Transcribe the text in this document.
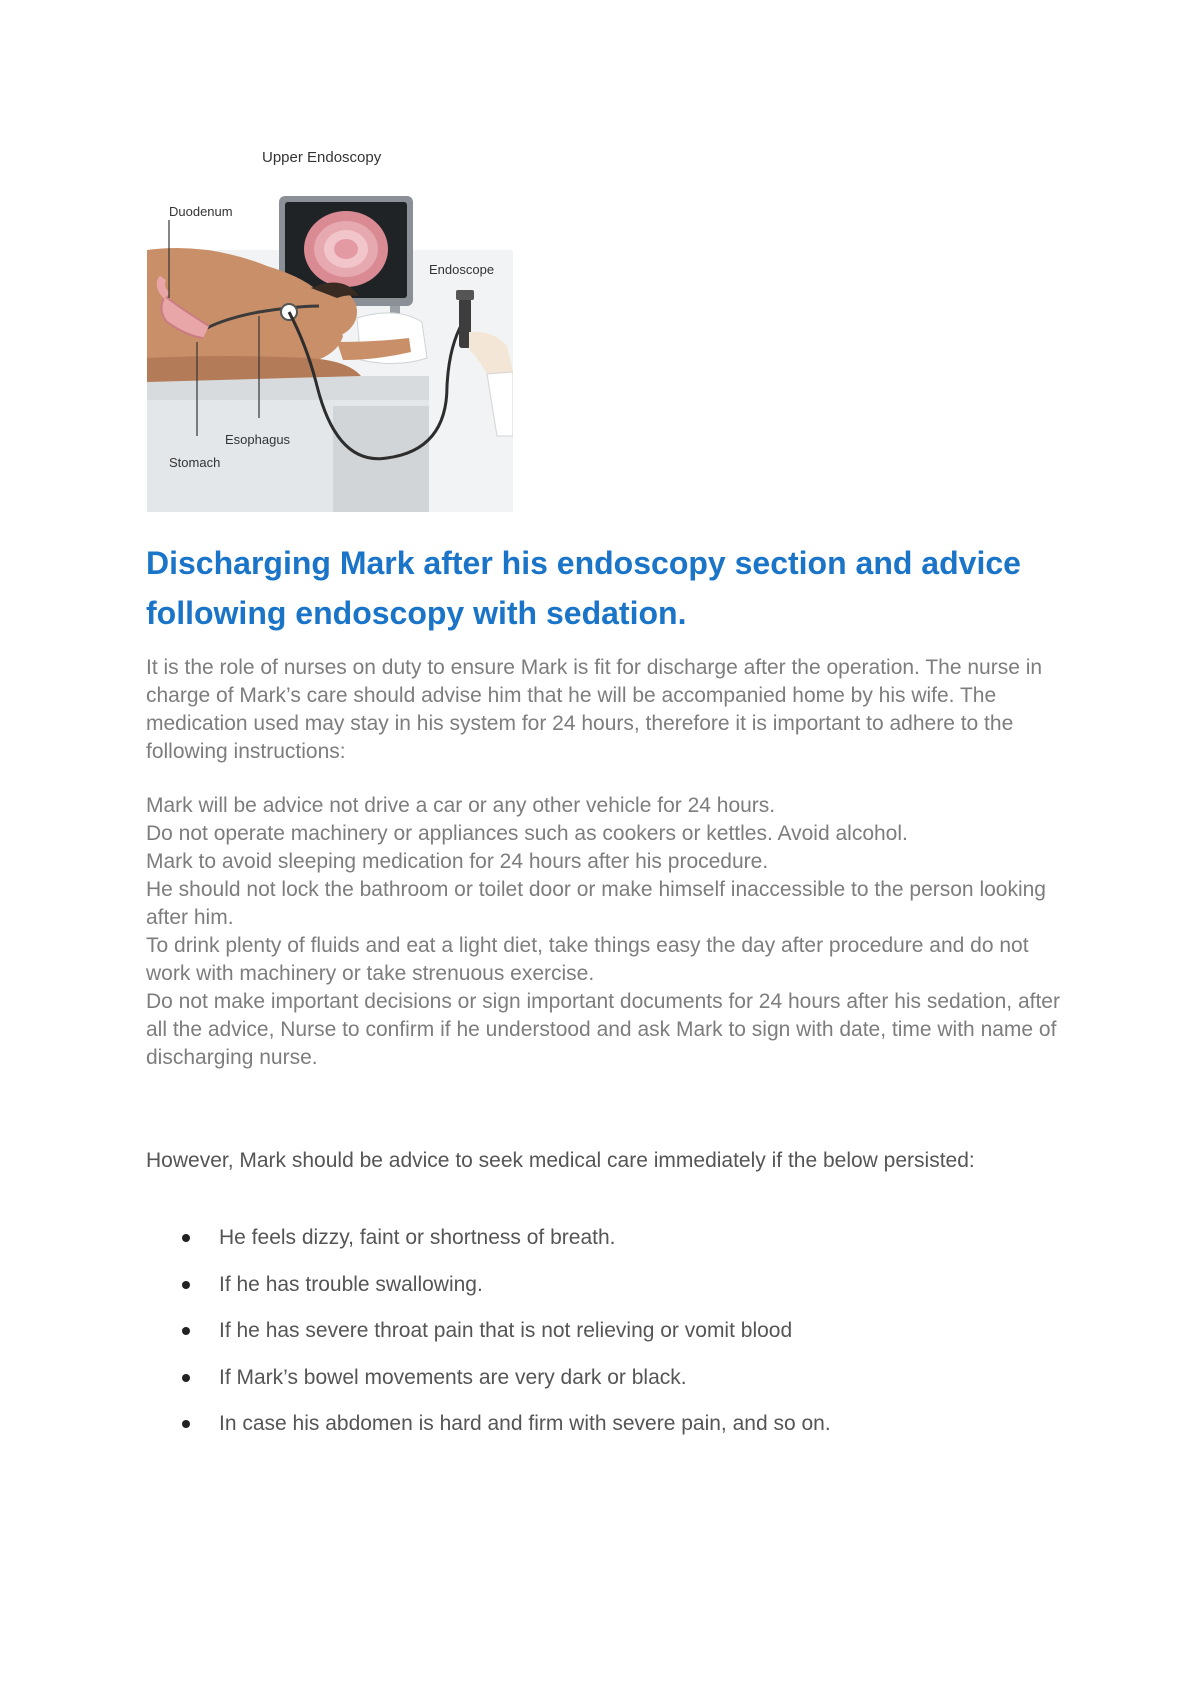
Upper Endoscopy
Duodenum
Endoscope
Esophagus
Stomach
Discharging Mark after his endoscopy section and advice following endoscopy with sedation.

It is the role of nurses on duty to ensure Mark is fit for discharge after the operation. The nurse in charge of Mark’s care should advise him that he will be accompanied home by his wife. The medication used may stay in his system for 24 hours, therefore it is important to adhere to the following instructions:

Mark will be advice not drive a car or any other vehicle for 24 hours.
Do not operate machinery or appliances such as cookers or kettles. Avoid alcohol.
Mark to avoid sleeping medication for 24 hours after his procedure.
He should not lock the bathroom or toilet door or make himself inaccessible to the person looking after him.
To drink plenty of fluids and eat a light diet, take things easy the day after procedure and do not work with machinery or take strenuous exercise.
Do not make important decisions or sign important documents for 24 hours after his sedation, after all the advice, Nurse to confirm if he understood and ask Mark to sign with date, time with name of discharging nurse.

However, Mark should be advice to seek medical care immediately if the below persisted:

He feels dizzy, faint or shortness of breath.
If he has trouble swallowing.
If he has severe throat pain that is not relieving or vomit blood
If Mark’s bowel movements are very dark or black.
In case his abdomen is hard and firm with severe pain, and so on.
